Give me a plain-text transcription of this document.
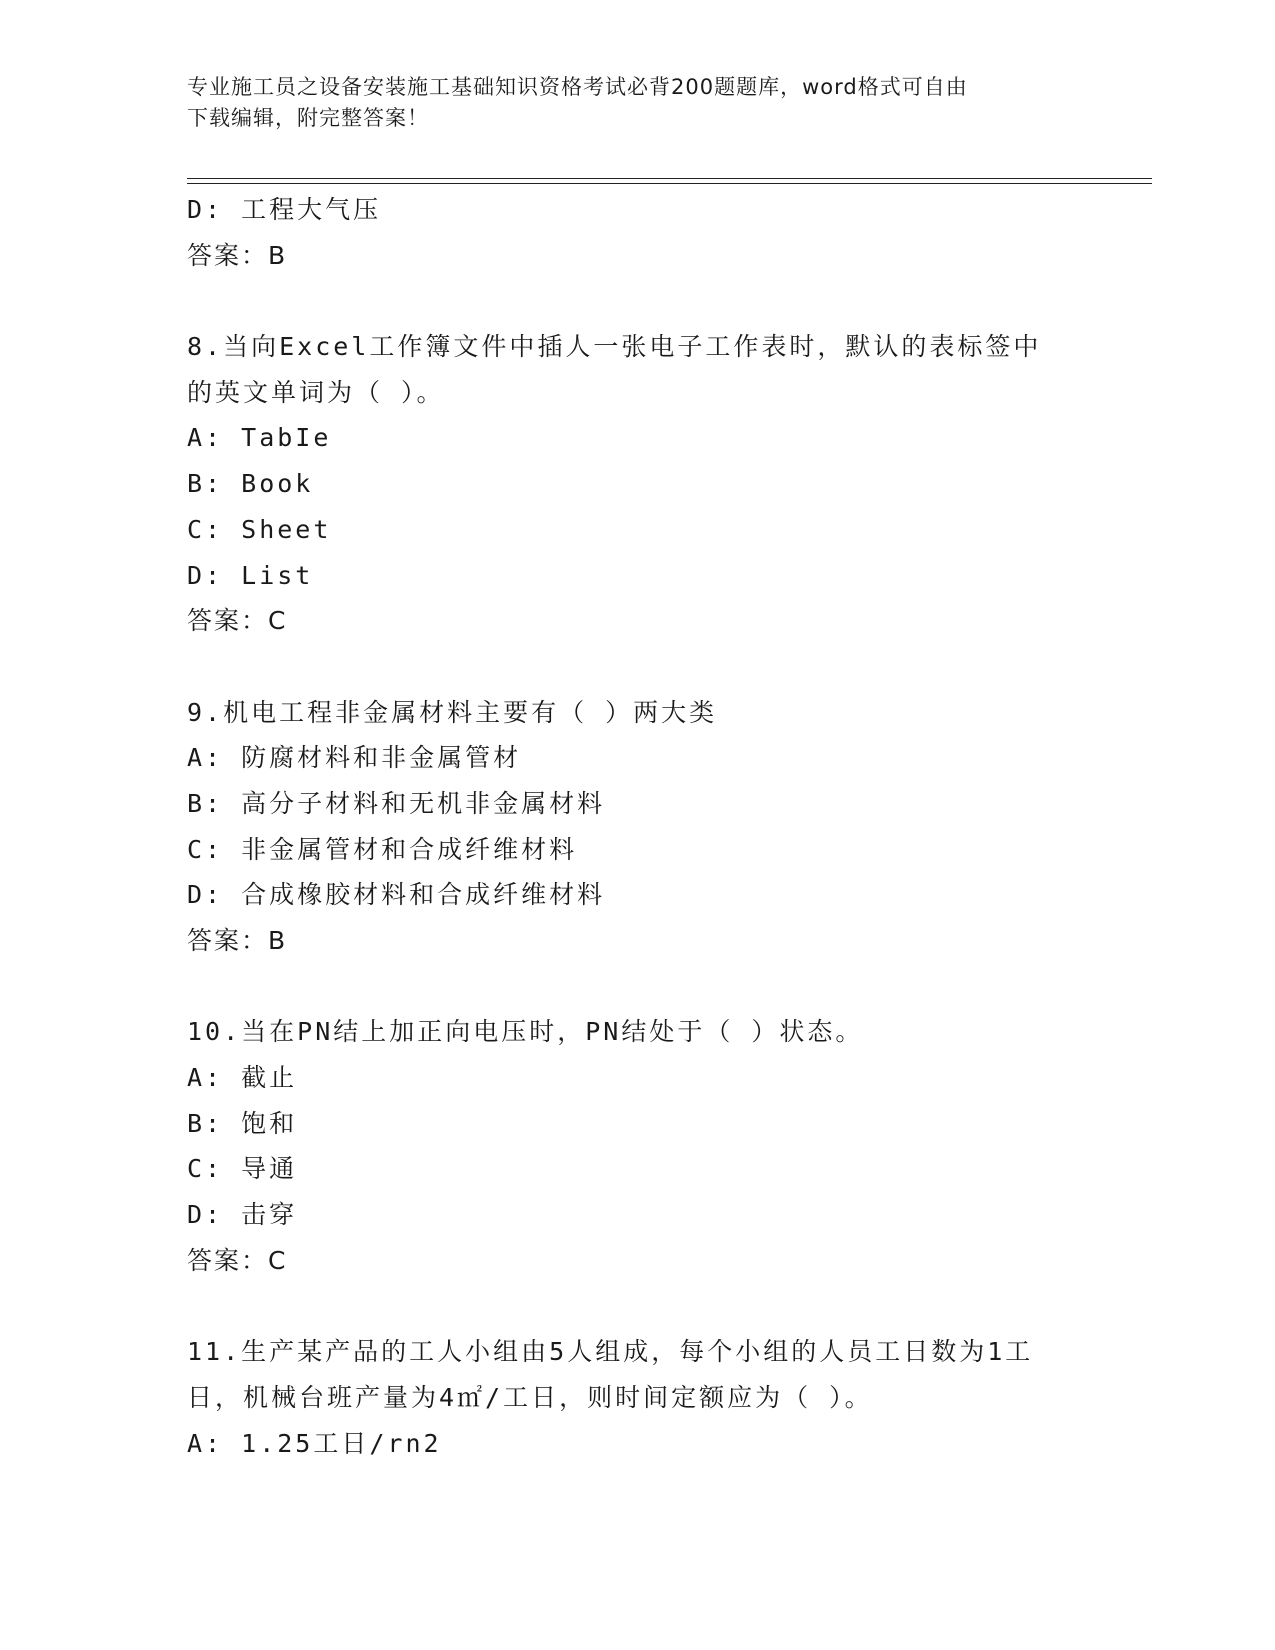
专业施工员之设备安装施工基础知识资格考试必背200题题库，word格式可自由
下载编辑，附完整答案！
D: 工程大气压
答案：B
8.当向Excel工作簿文件中插人一张电子工作表时，默认的表标签中
的英文单词为（ ）。
A: TabIe
B: Book
C: Sheet
D: List
答案：C
9.机电工程非金属材料主要有（ ）两大类
A: 防腐材料和非金属管材
B: 高分子材料和无机非金属材料
C: 非金属管材和合成纤维材料
D: 合成橡胶材料和合成纤维材料
答案：B
10.当在PN结上加正向电压时，PN结处于（ ）状态。
A: 截止
B: 饱和
C: 导通
D: 击穿
答案：C
11.生产某产品的工人小组由5人组成，每个小组的人员工日数为1工
日，机械台班产量为4㎡/工日，则时间定额应为（ ）。
A: 1.25工日/rn2
